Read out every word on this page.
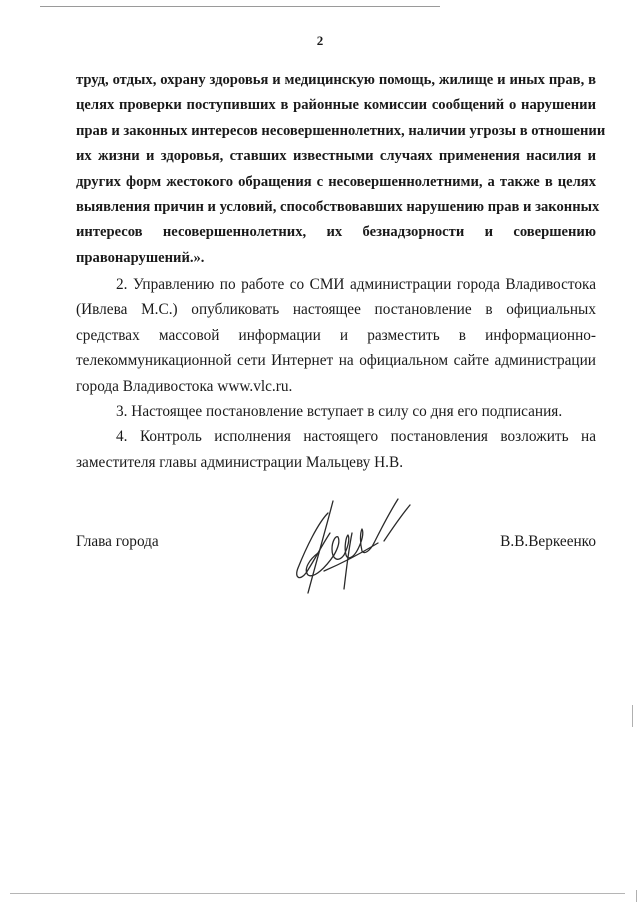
2
труд, отдых, охрану здоровья и медицинскую помощь, жилище и иных прав, в
целях проверки поступивших в районные комиссии сообщений о нарушении
прав и законных интересов несовершеннолетних, наличии угрозы в отношении
их жизни и здоровья, ставших известными случаях применения насилия и
других форм жестокого обращения с несовершеннолетними, а также в целях
выявления причин и условий, способствовавших нарушению прав и законных
интересов несовершеннолетних, их безнадзорности и совершению
правонарушений.».
2. Управлению по работе со СМИ администрации города Владивостока
(Ивлева М.С.) опубликовать настоящее постановление в официальных
средствах массовой информации и разместить в информационно-
телекоммуникационной сети Интернет на официальном сайте администрации
города Владивостока www.vlc.ru.
3. Настоящее постановление вступает в силу со дня его подписания.
4. Контроль исполнения настоящего постановления возложить на
заместителя главы администрации Мальцеву Н.В.
Глава города	В.В.Веркеенко
